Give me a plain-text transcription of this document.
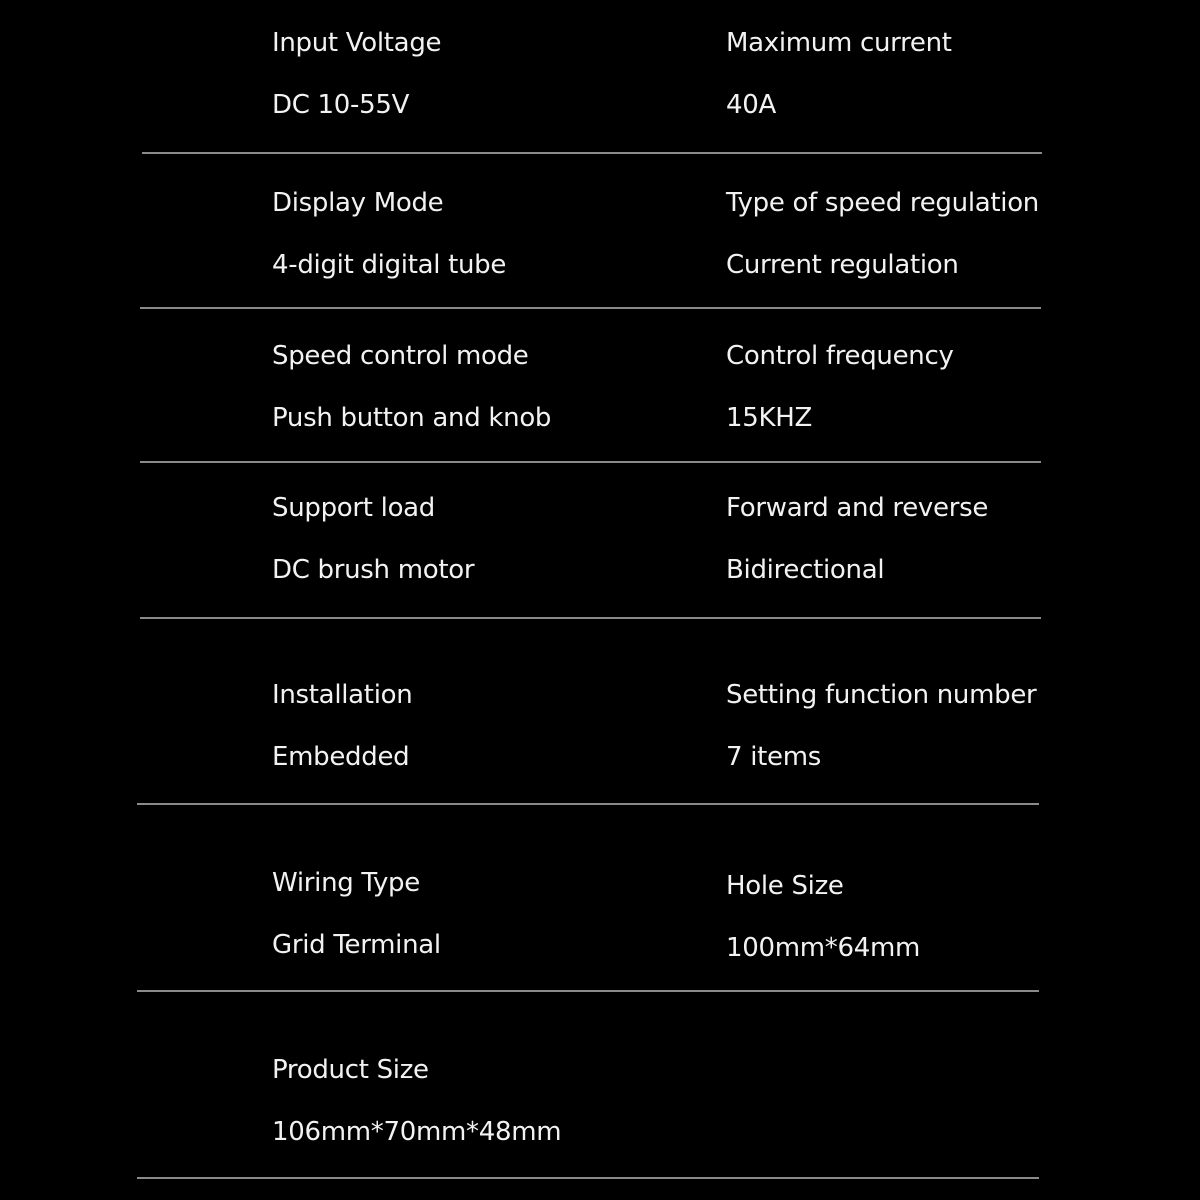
Input Voltage
DC 10-55V
Maximum current
40A
Display Mode
4-digit digital tube
Type of speed regulation
Current regulation
Speed control mode
Push button and knob
Control frequency
15KHZ
Support load
DC brush motor
Forward and reverse
Bidirectional
Installation
Embedded
Setting function number
7 items
Wiring Type
Grid Terminal
Hole Size
100mm*64mm
Product Size
106mm*70mm*48mm
